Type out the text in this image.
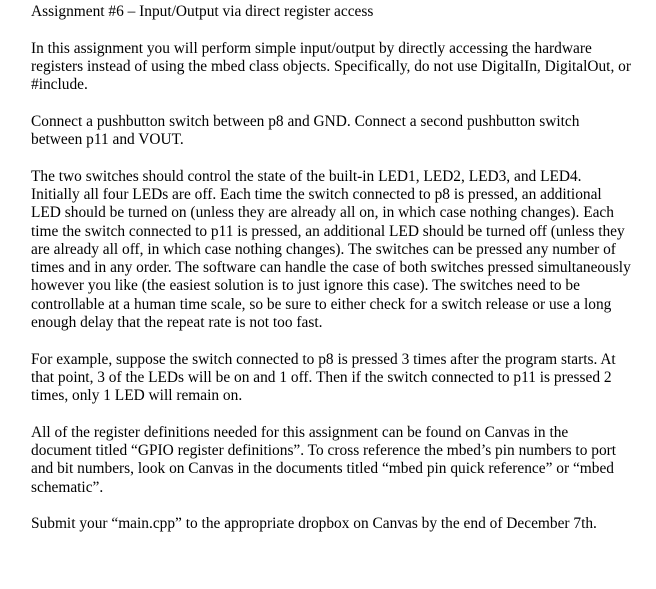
Assignment #6 – Input/Output via direct register access
In this assignment you will perform simple input/output by directly accessing the hardware
registers instead of using the mbed class objects. Specifically, do not use DigitalIn, DigitalOut, or
#include.
Connect a pushbutton switch between p8 and GND. Connect a second pushbutton switch
between p11 and VOUT.
The two switches should control the state of the built-in LED1, LED2, LED3, and LED4.
Initially all four LEDs are off. Each time the switch connected to p8 is pressed, an additional
LED should be turned on (unless they are already all on, in which case nothing changes). Each
time the switch connected to p11 is pressed, an additional LED should be turned off (unless they
are already all off, in which case nothing changes). The switches can be pressed any number of
times and in any order. The software can handle the case of both switches pressed simultaneously
however you like (the easiest solution is to just ignore this case). The switches need to be
controllable at a human time scale, so be sure to either check for a switch release or use a long
enough delay that the repeat rate is not too fast.
For example, suppose the switch connected to p8 is pressed 3 times after the program starts. At
that point, 3 of the LEDs will be on and 1 off. Then if the switch connected to p11 is pressed 2
times, only 1 LED will remain on.
All of the register definitions needed for this assignment can be found on Canvas in the
document titled “GPIO register definitions”. To cross reference the mbed’s pin numbers to port
and bit numbers, look on Canvas in the documents titled “mbed pin quick reference” or “mbed
schematic”.
Submit your “main.cpp” to the appropriate dropbox on Canvas by the end of December 7th.
